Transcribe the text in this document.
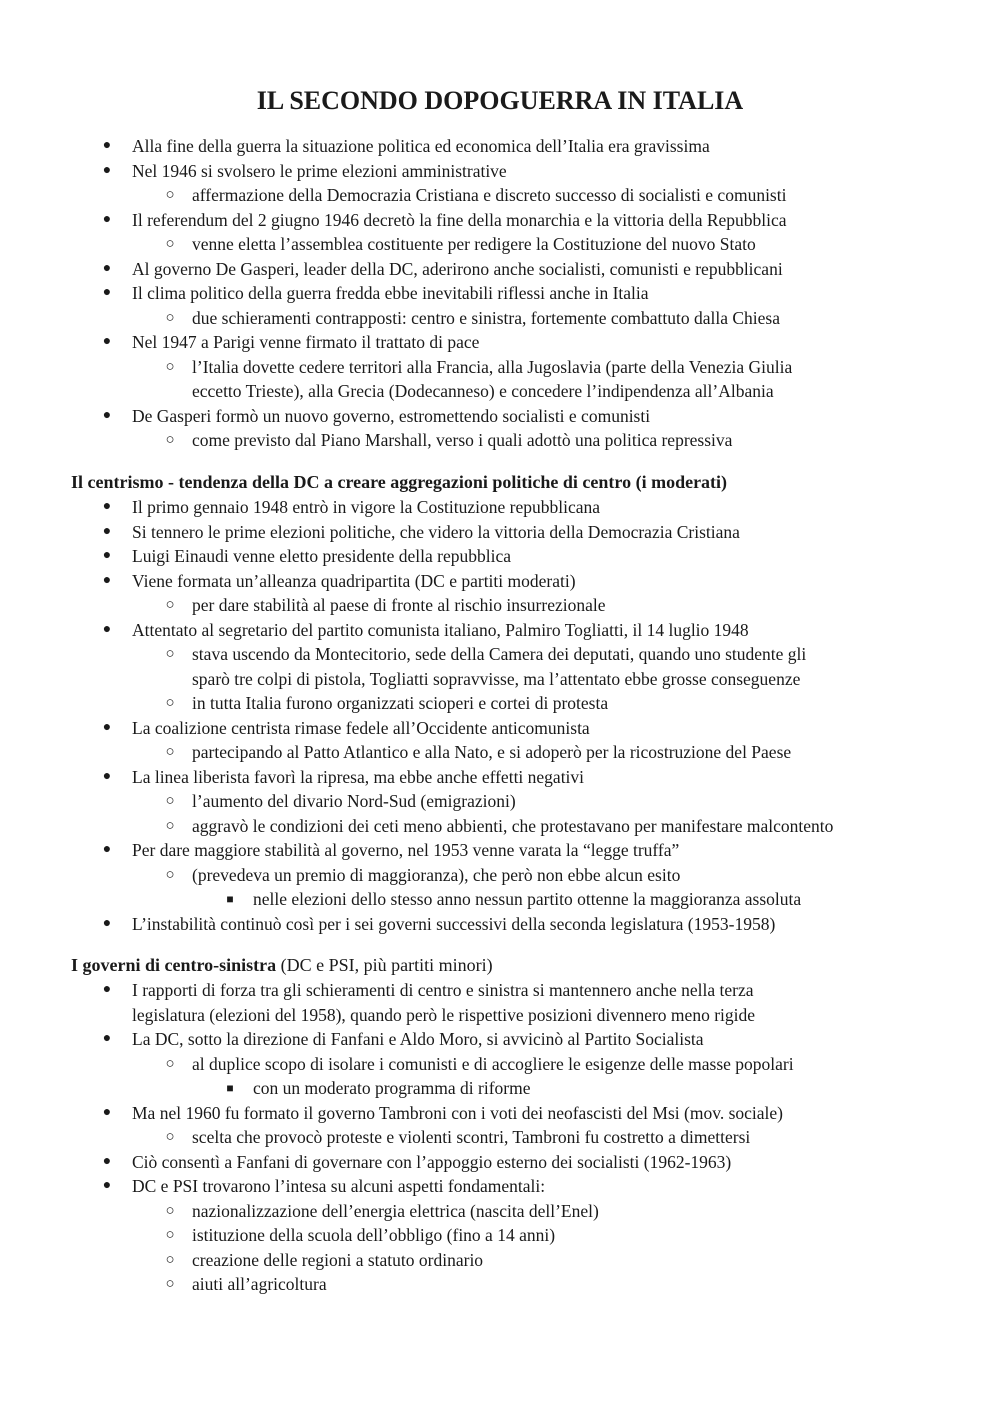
IL SECONDO DOPOGUERRA IN ITALIA
● Alla fine della guerra la situazione politica ed economica dell’Italia era gravissima
● Nel 1946 si svolsero le prime elezioni amministrative
○ affermazione della Democrazia Cristiana e discreto successo di socialisti e comunisti
● Il referendum del 2 giugno 1946 decretò la fine della monarchia e la vittoria della Repubblica
○ venne eletta l’assemblea costituente per redigere la Costituzione del nuovo Stato
● Al governo De Gasperi, leader della DC, aderirono anche socialisti, comunisti e repubblicani
● Il clima politico della guerra fredda ebbe inevitabili riflessi anche in Italia
○ due schieramenti contrapposti: centro e sinistra, fortemente combattuto dalla Chiesa
● Nel 1947 a Parigi venne firmato il trattato di pace
○ l’Italia dovette cedere territori alla Francia, alla Jugoslavia (parte della Venezia Giulia
eccetto Trieste), alla Grecia (Dodecanneso) e concedere l’indipendenza all’Albania
● De Gasperi formò un nuovo governo, estromettendo socialisti e comunisti
○ come previsto dal Piano Marshall, verso i quali adottò una politica repressiva

Il centrismo - tendenza della DC a creare aggregazioni politiche di centro (i moderati)

● Il primo gennaio 1948 entrò in vigore la Costituzione repubblicana
● Si tennero le prime elezioni politiche, che videro la vittoria della Democrazia Cristiana
● Luigi Einaudi venne eletto presidente della repubblica
● Viene formata un’alleanza quadripartita (DC e partiti moderati)
○ per dare stabilità al paese di fronte al rischio insurrezionale
● Attentato al segretario del partito comunista italiano, Palmiro Togliatti, il 14 luglio 1948
○ stava uscendo da Montecitorio, sede della Camera dei deputati, quando uno studente gli
sparò tre colpi di pistola, Togliatti sopravvisse, ma l’attentato ebbe grosse conseguenze
○ in tutta Italia furono organizzati scioperi e cortei di protesta
● La coalizione centrista rimase fedele all’Occidente anticomunista
○ partecipando al Patto Atlantico e alla Nato, e si adoperò per la ricostruzione del Paese
● La linea liberista favorì la ripresa, ma ebbe anche effetti negativi
○ l’aumento del divario Nord-Sud (emigrazioni)
○ aggravò le condizioni dei ceti meno abbienti, che protestavano per manifestare malcontento
● Per dare maggiore stabilità al governo, nel 1953 venne varata la “legge truffa”
○ (prevedeva un premio di maggioranza), che però non ebbe alcun esito
■ nelle elezioni dello stesso anno nessun partito ottenne la maggioranza assoluta
● L’instabilità continuò così per i sei governi successivi della seconda legislatura (1953-1958)

I governi di centro-sinistra (DC e PSI, più partiti minori)

● I rapporti di forza tra gli schieramenti di centro e sinistra si mantennero anche nella terza
legislatura (elezioni del 1958), quando però le rispettive posizioni divennero meno rigide
● La DC, sotto la direzione di Fanfani e Aldo Moro, si avvicinò al Partito Socialista
○ al duplice scopo di isolare i comunisti e di accogliere le esigenze delle masse popolari
■ con un moderato programma di riforme
● Ma nel 1960 fu formato il governo Tambroni con i voti dei neofascisti del Msi (mov. sociale)
○ scelta che provocò proteste e violenti scontri, Tambroni fu costretto a dimettersi
● Ciò consentì a Fanfani di governare con l’appoggio esterno dei socialisti (1962-1963)
● DC e PSI trovarono l’intesa su alcuni aspetti fondamentali:
○ nazionalizzazione dell’energia elettrica (nascita dell’Enel)
○ istituzione della scuola dell’obbligo (fino a 14 anni)
○ creazione delle regioni a statuto ordinario
○ aiuti all’agricoltura
